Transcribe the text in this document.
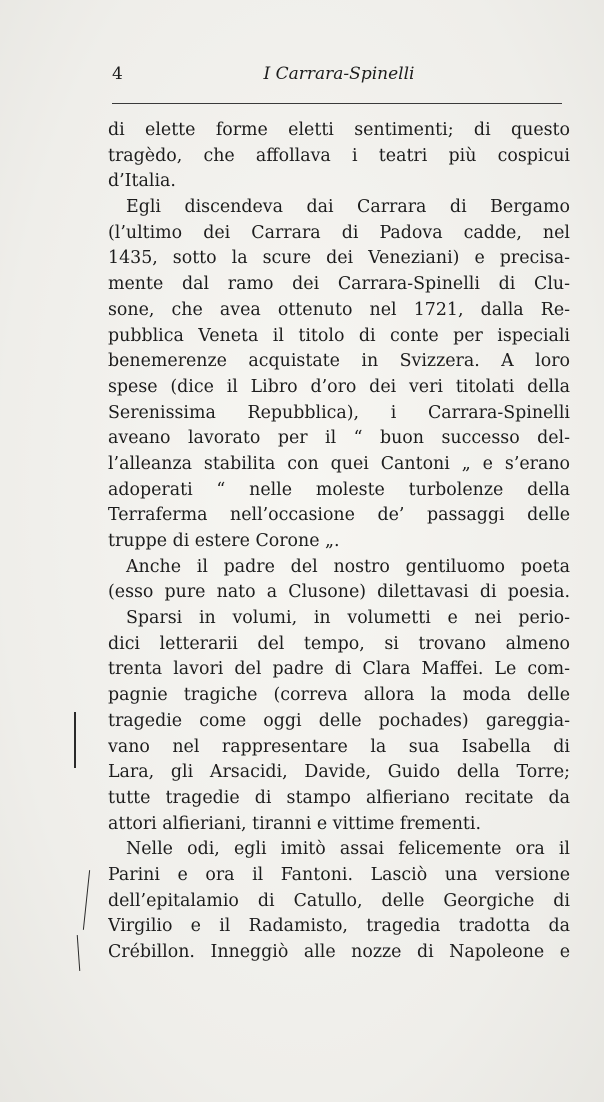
4	I Carrara-Spinelli
di elette forme eletti sentimenti; di questo
tragèdo, che affollava i teatri più cospicui
d’Italia.
Egli discendeva dai Carrara di Bergamo
(l’ultimo dei Carrara di Padova cadde, nel
1435, sotto la scure dei Veneziani) e precisa-
mente dal ramo dei Carrara-Spinelli di Clu-
sone, che avea ottenuto nel 1721, dalla Re-
pubblica Veneta il titolo di conte per ispeciali
benemerenze acquistate in Svizzera. A loro
spese (dice il Libro d’oro dei veri titolati della
Serenissima Repubblica), i Carrara-Spinelli
aveano lavorato per il “ buon successo del-
l’alleanza stabilita con quei Cantoni „ e s’erano
adoperati “ nelle moleste turbolenze della
Terraferma nell’occasione de’ passaggi delle
truppe di estere Corone „.
Anche il padre del nostro gentiluomo poeta
(esso pure nato a Clusone) dilettavasi di poesia.
Sparsi in volumi, in volumetti e nei perio-
dici letterarii del tempo, si trovano almeno
trenta lavori del padre di Clara Maffei. Le com-
pagnie tragiche (correva allora la moda delle
tragedie come oggi delle pochades) gareggia-
vano nel rappresentare la sua Isabella di
Lara, gli Arsacidi, Davide, Guido della Torre;
tutte tragedie di stampo alfieriano recitate da
attori alfieriani, tiranni e vittime frementi.
Nelle odi, egli imitò assai felicemente ora il
Parini e ora il Fantoni. Lasciò una versione
dell’epitalamio di Catullo, delle Georgiche di
Virgilio e il Radamisto, tragedia tradotta da
Crébillon. Inneggiò alle nozze di Napoleone e
